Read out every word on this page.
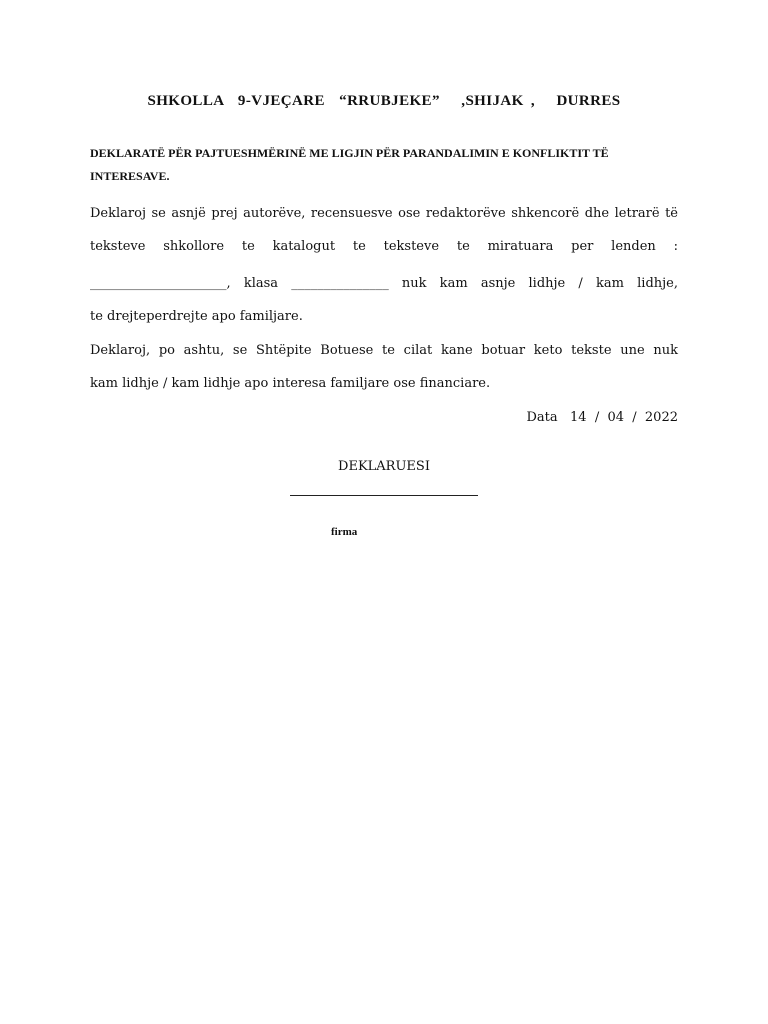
SHKOLLA  9-VJEÇARE  “RRUBJEKE”   ,SHIJAK ,   DURRES
DEKLARATË PËR PAJTUESHMËRINË ME LIGJIN PËR PARANDALIMIN E KONFLIKTIT TË INTERESAVE.
Deklaroj se asnjë prej autorëve, recensuesve ose redaktorëve shkencorë dhe letrarë të
teksteve shkollore te katalogut te teksteve te miratuara per lenden :
_____________________, klasa _______________ nuk kam asnje lidhje / kam lidhje,
te drejteperdrejte apo familjare.
Deklaroj, po ashtu, se Shtëpite Botuese te cilat kane botuar keto tekste une nuk
kam lidhje / kam lidhje apo interesa familjare ose financiare.
Data   14  /  04  /  2022
DEKLARUESI
firma
